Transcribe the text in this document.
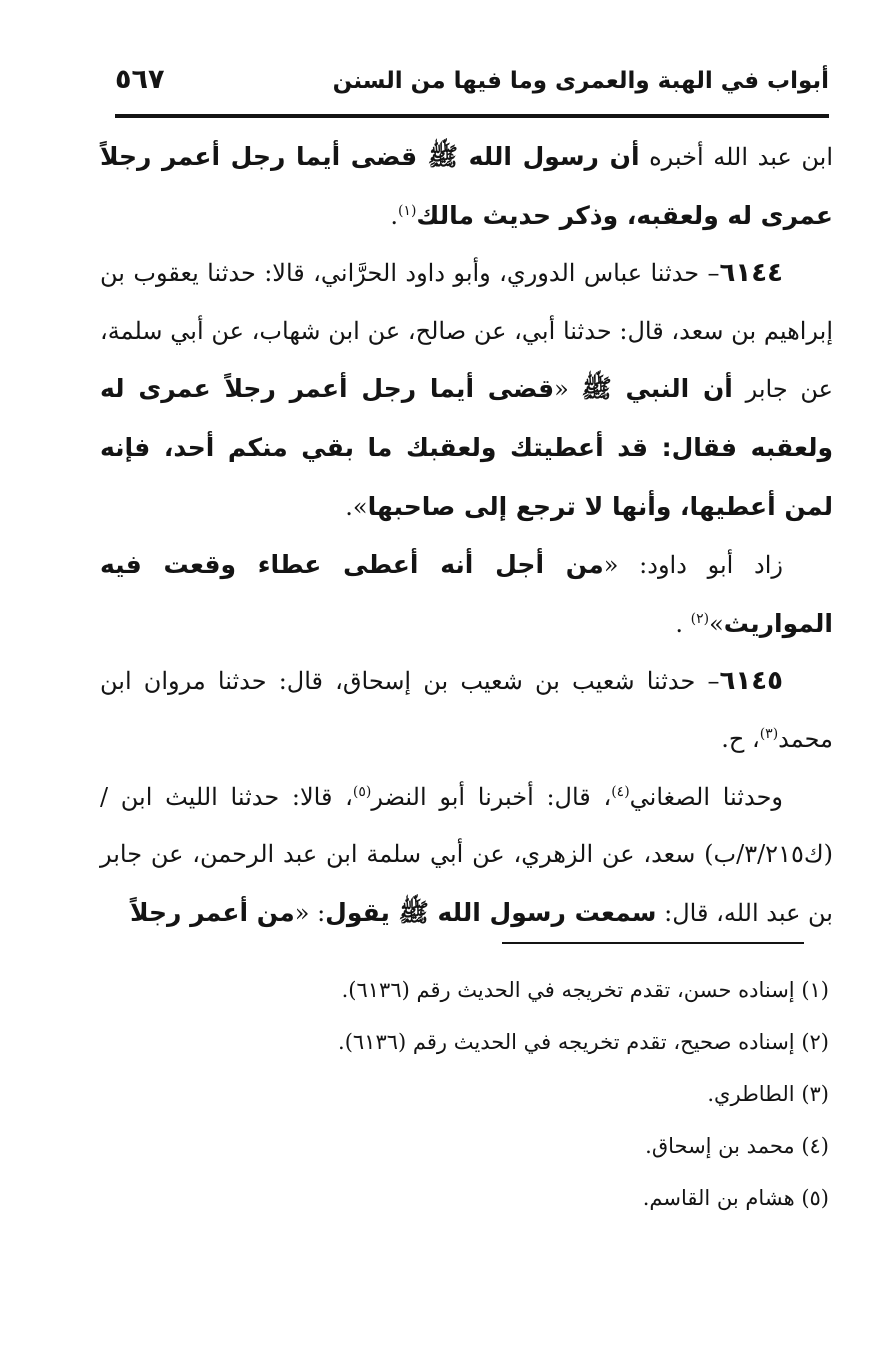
أبواب في الهبة والعمرى وما فيها من السنن
٥٦٧

ابن عبد الله أخبره أن رسول الله ﷺ قضى أيما رجل أعمر رجلاً عمرى له ولعقبه، وذكر حديث مالك$^{(١)}$.

٦١٤٤– حدثنا عباس الدوري، وأبو داود الحرَّاني، قالا: حدثنا يعقوب بن إبراهيم بن سعد، قال: حدثنا أبي، عن صالح، عن ابن شهاب، عن أبي سلمة، عن جابر أن النبي ﷺ «قضى أيما رجل أعمر رجلاً عمرى له ولعقبه فقال: قد أعطيتك ولعقبك ما بقي منكم أحد، فإنه لمن أعطيها، وأنها لا ترجع إلى صاحبها».

زاد أبو داود: «من أجل أنه أعطى عطاء وقعت فيه المواريث»$^{(٢)}$ .

٦١٤٥– حدثنا شعيب بن شعيب بن إسحاق، قال: حدثنا مروان ابن محمد$^{(٣)}$، ح.

وحدثنا الصغاني$^{(٤)}$، قال: أخبرنا أبو النضر$^{(٥)}$، قالا: حدثنا الليث ابن / (ك٣/٢١٥/ب) سعد، عن الزهري، عن أبي سلمة ابن عبد الرحمن، عن جابر بن عبد الله، قال: سمعت رسول الله ﷺ يقول: «من أعمر رجلاً

(١) إسناده حسن، تقدم تخريجه في الحديث رقم (٦١٣٦).

(٢) إسناده صحيح، تقدم تخريجه في الحديث رقم (٦١٣٦).

(٣) الطاطري.

(٤) محمد بن إسحاق.

(٥) هشام بن القاسم.
